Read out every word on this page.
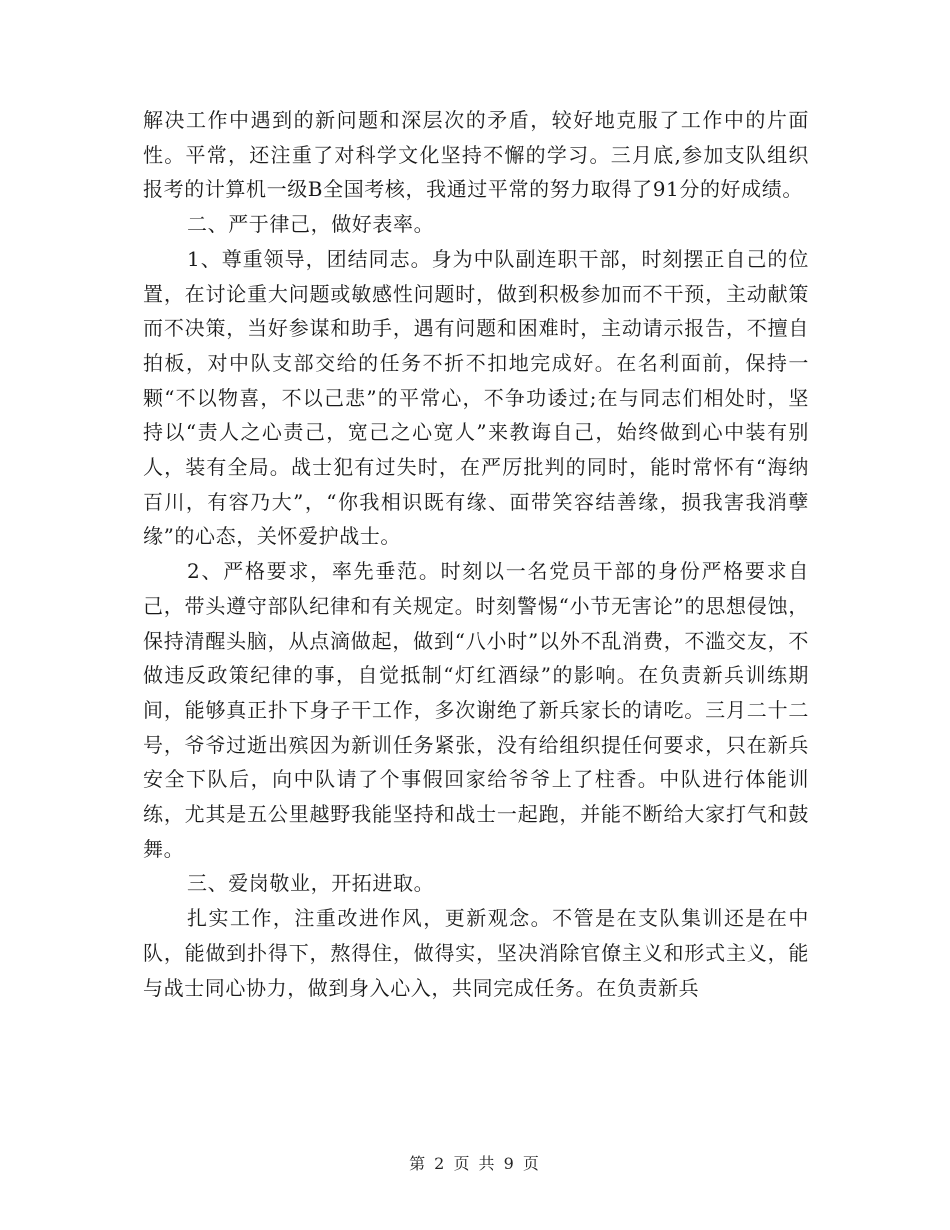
解决工作中遇到的新问题和深层次的矛盾，较好地克服了工作中的片面性。平常，还注重了对科学文化坚持不懈的学习。三月底,参加支队组织报考的计算机一级B全国考核，我通过平常的努力取得了91分的好成绩。

二、严于律己，做好表率。

1、尊重领导，团结同志。身为中队副连职干部，时刻摆正自己的位置，在讨论重大问题或敏感性问题时，做到积极参加而不干预，主动献策而不决策，当好参谋和助手，遇有问题和困难时，主动请示报告，不擅自拍板，对中队支部交给的任务不折不扣地完成好。在名利面前，保持一颗“不以物喜，不以己悲”的平常心，不争功诿过;在与同志们相处时，坚持以“责人之心责己，宽己之心宽人”来教诲自己，始终做到心中装有别人，装有全局。战士犯有过失时，在严厉批判的同时，能时常怀有“海纳百川，有容乃大”，“你我相识既有缘、面带笑容结善缘，损我害我消孽缘”的心态，关怀爱护战士。

2、严格要求，率先垂范。时刻以一名党员干部的身份严格要求自己，带头遵守部队纪律和有关规定。时刻警惕“小节无害论”的思想侵蚀，保持清醒头脑，从点滴做起，做到“八小时”以外不乱消费，不滥交友，不做违反政策纪律的事，自觉抵制“灯红酒绿”的影响。在负责新兵训练期间，能够真正扑下身子干工作，多次谢绝了新兵家长的请吃。三月二十二号，爷爷过逝出殡因为新训任务紧张，没有给组织提任何要求，只在新兵安全下队后，向中队请了个事假回家给爷爷上了柱香。中队进行体能训练，尤其是五公里越野我能坚持和战士一起跑，并能不断给大家打气和鼓舞。

三、爱岗敬业，开拓进取。

扎实工作，注重改进作风，更新观念。不管是在支队集训还是在中队，能做到扑得下，熬得住，做得实，坚决消除官僚主义和形式主义，能与战士同心协力，做到身入心入，共同完成任务。在负责新兵

第 2 页 共 9 页
